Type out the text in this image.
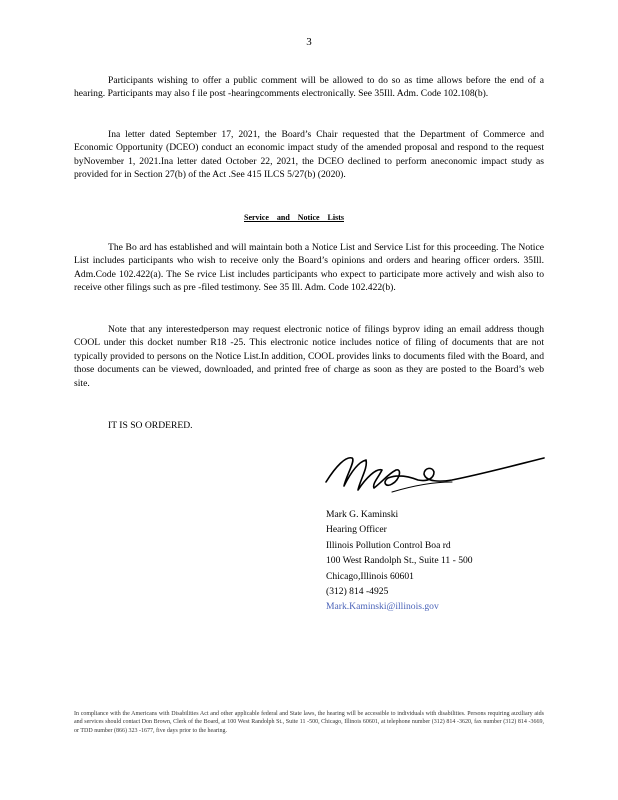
3

Participants wishing to offer a public comment will be allowed to do so as time allows before the end of a hearing. Participants may also f ile post -hearingcomments electronically. See 35Ill. Adm. Code 102.108(b).

Ina letter dated September 17, 2021, the Board’s Chair requested that the Department of Commerce and Economic Opportunity (DCEO) conduct an economic impact study of the amended proposal and respond to the request byNovember 1, 2021.Ina letter dated October 22, 2021, the DCEO declined to perform aneconomic impact study as provided for in Section 27(b) of the Act .See 415 ILCS 5/27(b) (2020).

Service and Notice Lists

The Bo ard has established and will maintain both a Notice List and Service List for this proceeding. The Notice List includes participants who wish to receive only the Board’s opinions and orders and hearing officer orders. 35Ill. Adm.Code 102.422(a). The Se rvice List includes participants who expect to participate more actively and wish also to receive other filings such as pre -filed testimony. See 35 Ill. Adm. Code 102.422(b).

Note that any interestedperson may request electronic notice of filings byprov iding an email address though COOL under this docket number R18 -25. This electronic notice includes notice of filing of documents that are not typically provided to persons on the Notice List.In addition, COOL provides links to documents filed with the Board, and those documents can be viewed, downloaded, and printed free of charge as soon as they are posted to the Board’s web site.

IT IS SO ORDERED.

Mark G. Kaminski
Hearing Officer
Illinois Pollution Control Boa rd
100 West Randolph St., Suite 11 - 500
Chicago,Illinois 60601
(312) 814 -4925
Mark.Kaminski@illinois.gov

In compliance with the Americans with Disabilities Act and other applicable federal and State laws, the hearing will be accessible to individuals with disabilities. Persons requiring auxiliary aids and services should contact Don Brown, Clerk of the Board, at 100 West Randolph St., Suite 11 -500, Chicago, Illinois 60601, at telephone number (312) 814 -3620, fax number (312) 814 -3669, or TDD number (866) 323 -1677, five days prior to the hearing.
